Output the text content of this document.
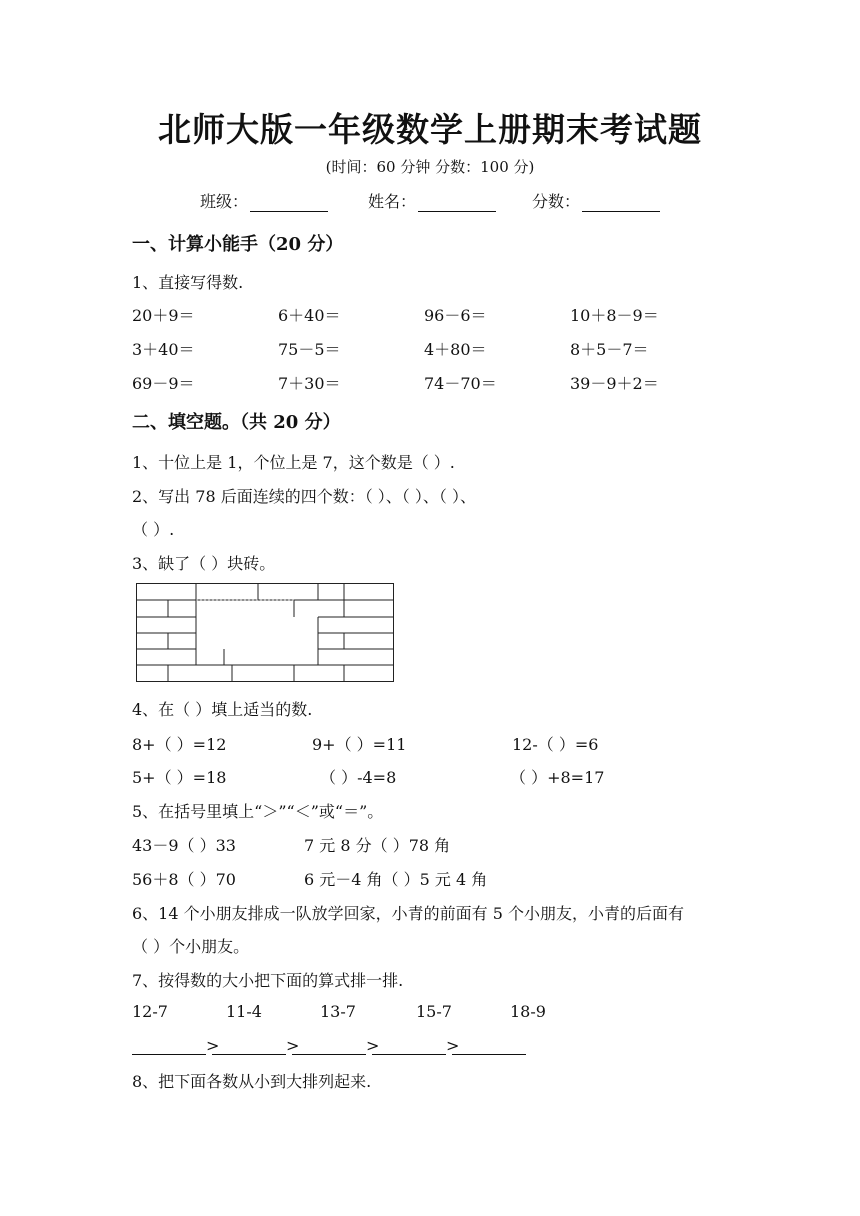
北师大版一年级数学上册期末考试题
(时间：60 分钟 分数：100 分)
班级：	姓名：	分数：
一、计算小能手（20 分）
1、直接写得数.
20＋9＝	6＋40＝	96－6＝	10＋8－9＝
3＋40＝	75－5＝	4＋80＝	8＋5－7＝
69－9＝	7＋30＝	74－70＝	39－9＋2＝
二、填空题。（共 20 分）
1、十位上是 1，个位上是 7，这个数是（ ）.
2、写出 78 后面连续的四个数：（ ）、（ ）、（ ）、
（ ）.
3、缺了（ ）块砖。
4、在（ ）填上适当的数.
8+（ ）=12	9+（ ）=11	12-（ ）=6
5+（ ）=18	（ ）-4=8	（ ）+8=17
5、在括号里填上“＞”“＜”或“＝”。
43－9（ ）33	7 元 8 分（ ）78 角
56＋8（ ）70	6 元－4 角（ ）5 元 4 角
6、14 个小朋友排成一队放学回家，小青的前面有 5 个小朋友，小青的后面有
（ ）个小朋友。
7、按得数的大小把下面的算式排一排.
12-7	11-4	13-7	15-7	18-9
>	>	>	>
8、把下面各数从小到大排列起来.
